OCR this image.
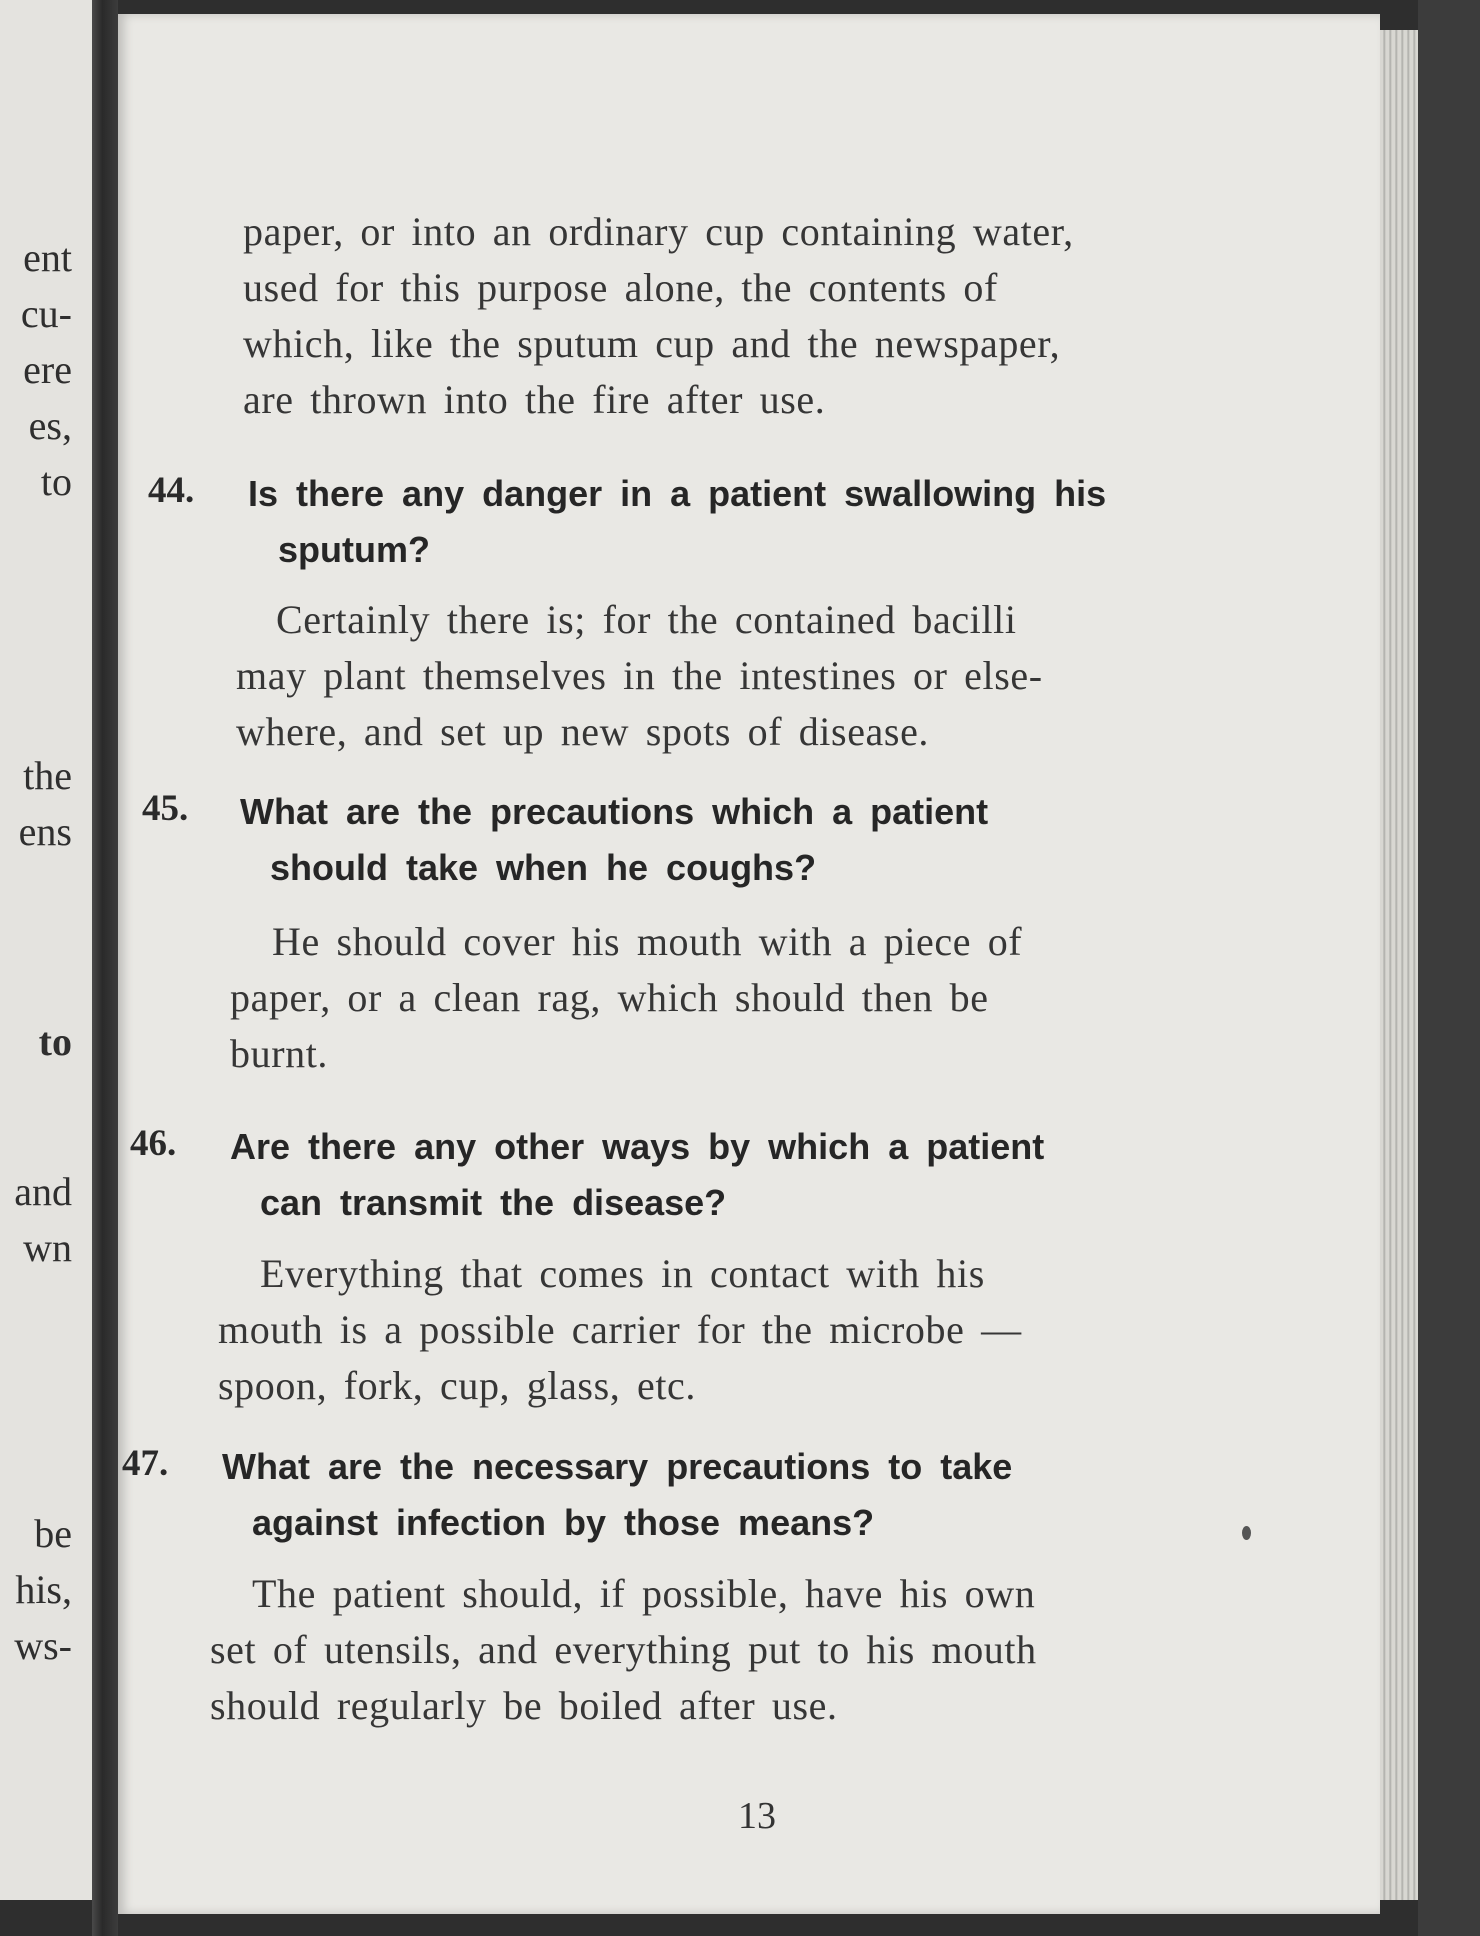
ent
cu-
ere
es,
to
the
ens
to
and
wn
be
his,
ws-
paper, or into an ordinary cup containing water,
used for this purpose alone, the contents of
which, like the sputum cup and the newspaper,
are thrown into the fire after use.
44. Is there any danger in a patient swallowing his
sputum?
Certainly there is; for the contained bacilli
may plant themselves in the intestines or else-
where, and set up new spots of disease.
45. What are the precautions which a patient
should take when he coughs?
He should cover his mouth with a piece of
paper, or a clean rag, which should then be
burnt.
46. Are there any other ways by which a patient
can transmit the disease?
Everything that comes in contact with his
mouth is a possible carrier for the microbe —
spoon, fork, cup, glass, etc.
47. What are the necessary precautions to take
against infection by those means?
The patient should, if possible, have his own
set of utensils, and everything put to his mouth
should regularly be boiled after use.
13
